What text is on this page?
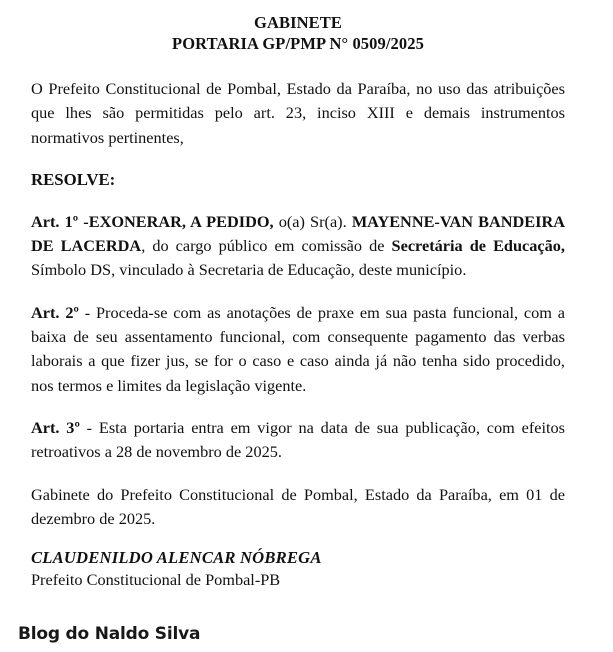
GABINETE
PORTARIA GP/PMP N° 0509/2025

O Prefeito Constitucional de Pombal, Estado da Paraíba, no uso das atribuições que lhes são permitidas pelo art. 23, inciso XIII e demais instrumentos normativos pertinentes,

RESOLVE:

Art. 1º -EXONERAR, A PEDIDO, o(a) Sr(a). MAYENNE-VAN BANDEIRA DE LACERDA, do cargo público em comissão de Secretária de Educação, Símbolo DS, vinculado à Secretaria de Educação, deste município.

Art. 2º - Proceda-se com as anotações de praxe em sua pasta funcional, com a baixa de seu assentamento funcional, com consequente pagamento das verbas laborais a que fizer jus, se for o caso e caso ainda já não tenha sido procedido, nos termos e limites da legislação vigente.

Art. 3º - Esta portaria entra em vigor na data de sua publicação, com efeitos retroativos a 28 de novembro de 2025.

Gabinete do Prefeito Constitucional de Pombal, Estado da Paraíba, em 01 de dezembro de 2025.

CLAUDENILDO ALENCAR NÓBREGA

Prefeito Constitucional de Pombal-PB

Blog do Naldo Silva
